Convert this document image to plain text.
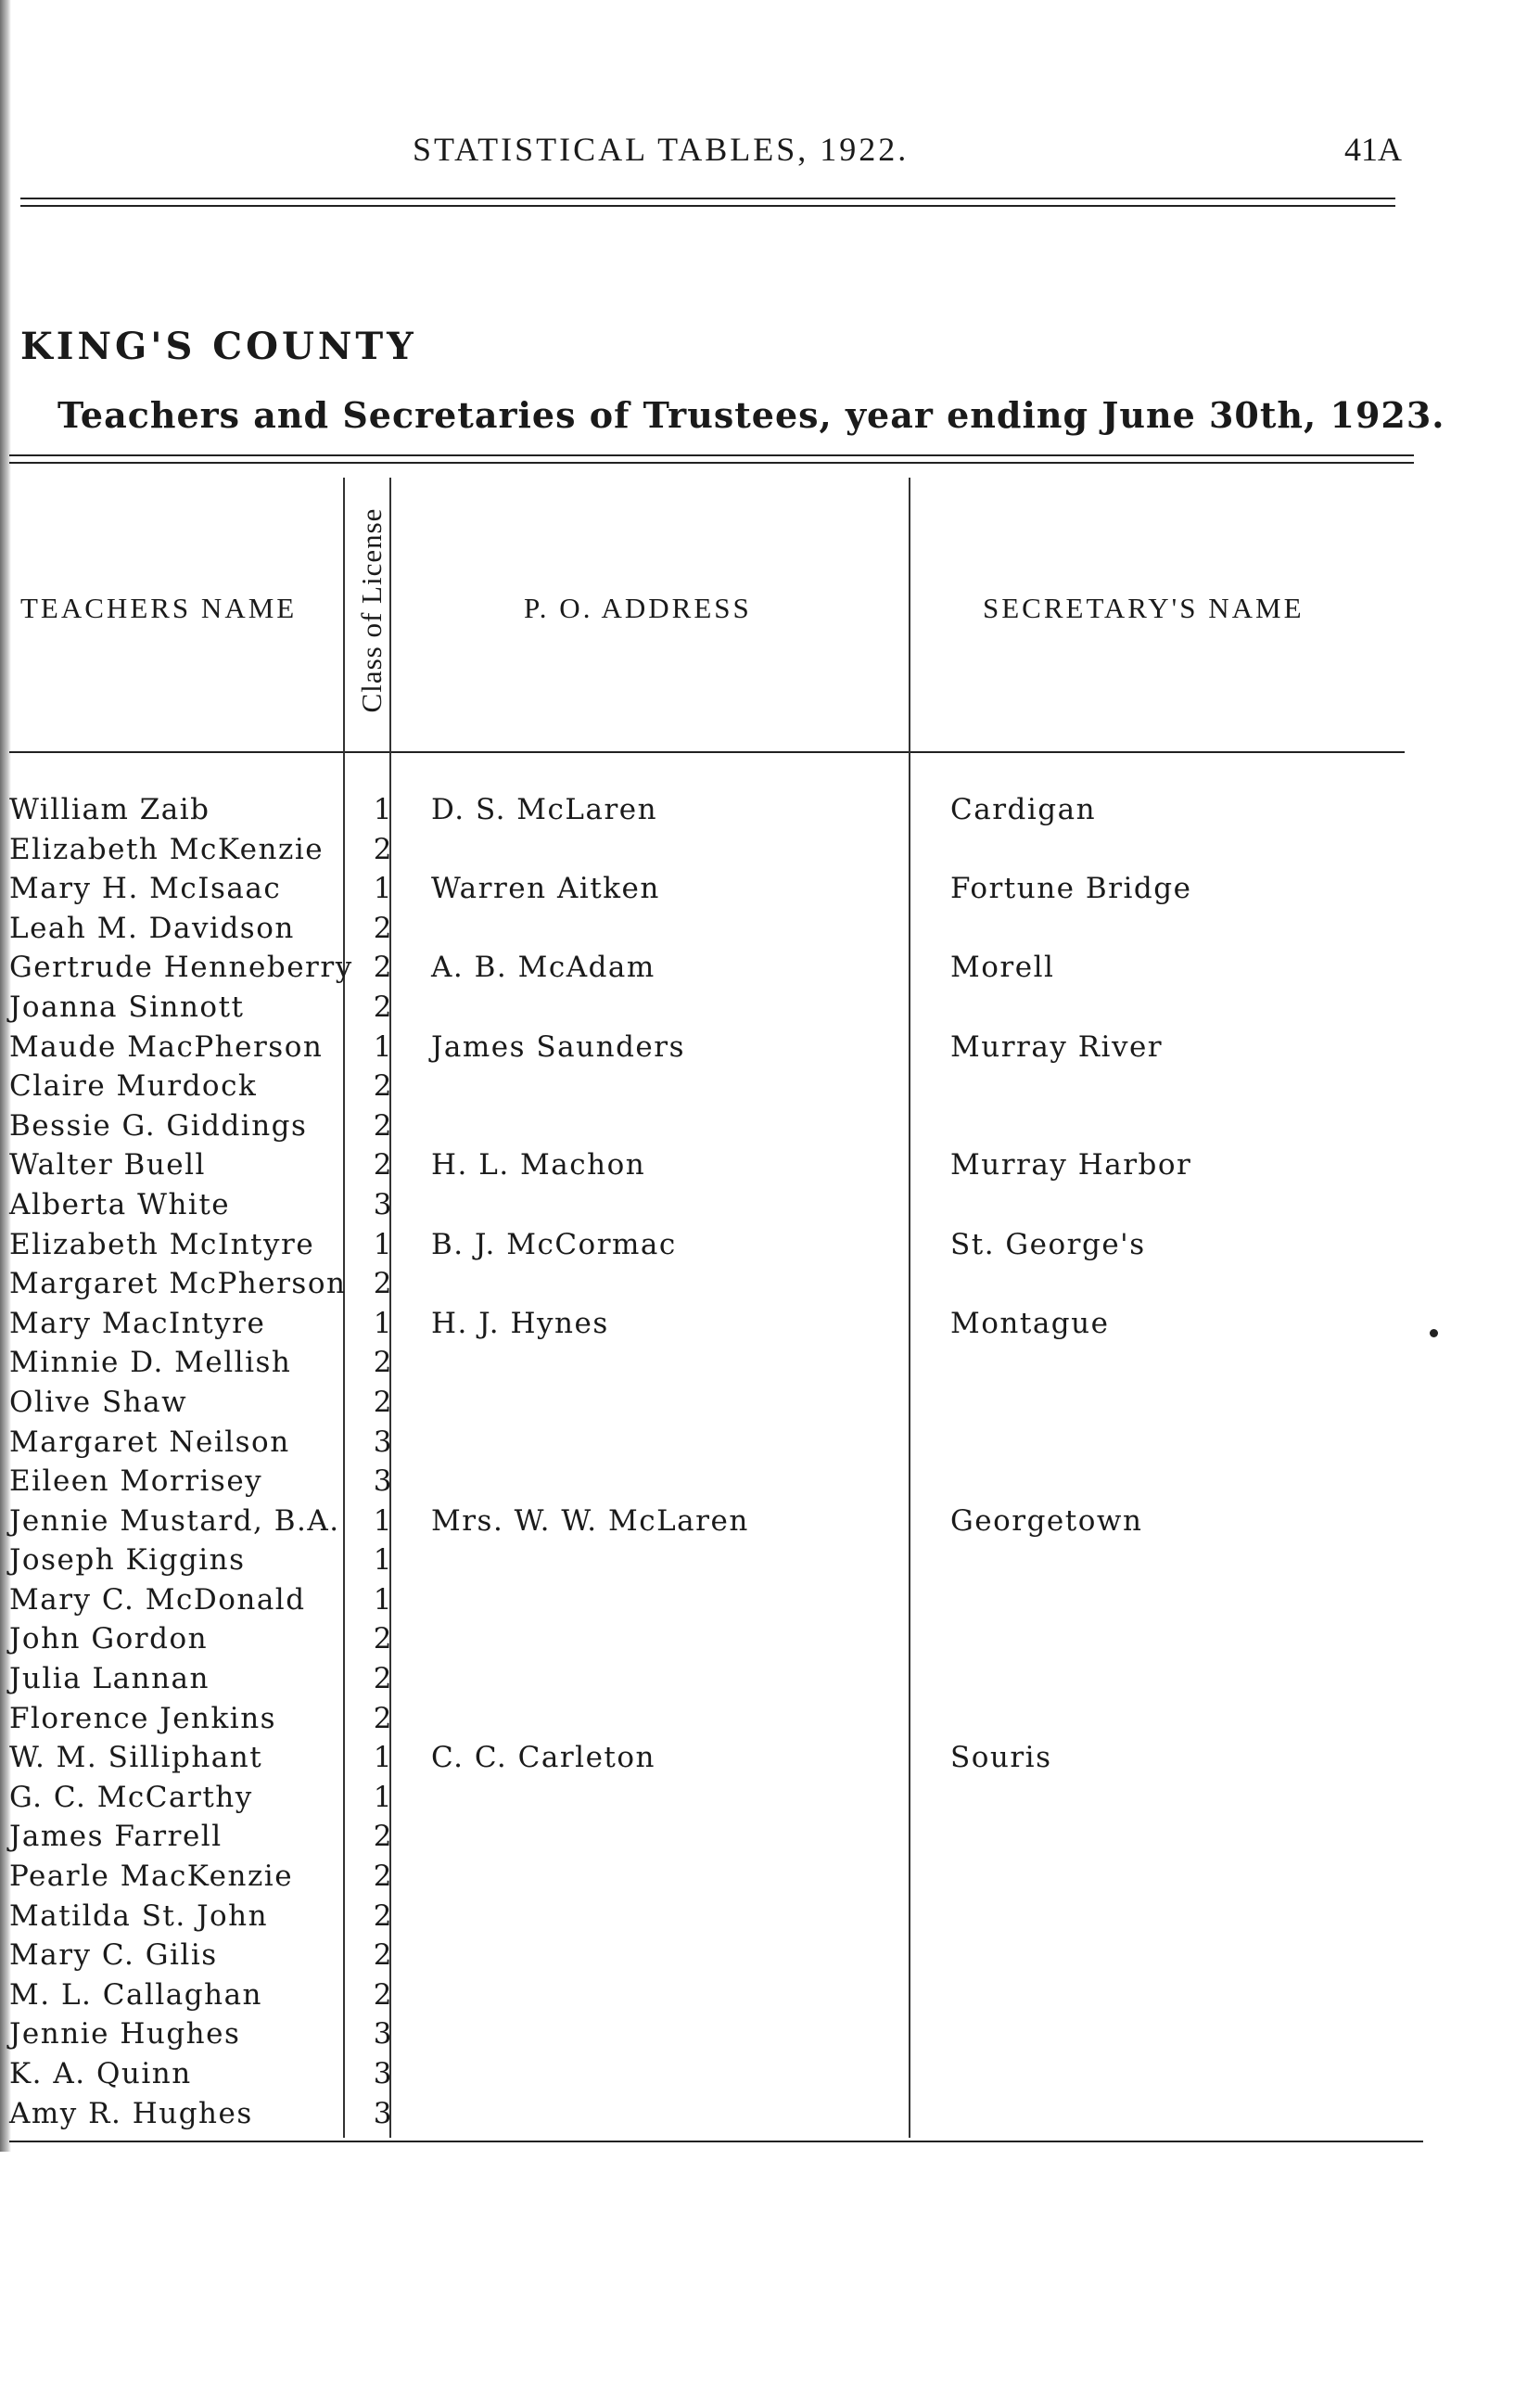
STATISTICAL TABLES, 1922.	41A
KING'S COUNTY
Teachers and Secretaries of Trustees, year ending June 30th, 1923.
TEACHERS NAME Class of License	P. O. ADDRESS	SECRETARY'S NAME
William Zaib	1 D. S. McLaren	Cardigan
Elizabeth McKenzie	2
Mary H. McIsaac	1 Warren Aitken	Fortune Bridge
Leah M. Davidson	2
Gertrude Henneberry 2 A. B. McAdam	Morell
Joanna Sinnott	2
Maude MacPherson	1 James Saunders	Murray River
Claire Murdock	2
Bessie G. Giddings	2
Walter Buell	2 H. L. Machon	Murray Harbor
Alberta White	3
Elizabeth McIntyre	1 B. J. McCormac	St. George's
Margaret McPherson 2
Mary MacIntyre	1 H. J. Hynes	Montague
Minnie D. Mellish	2
Olive Shaw	2
Margaret Neilson	3
Eileen Morrisey	3
Jennie Mustard, B.A.	1 Mrs. W. W. McLaren	Georgetown
Joseph Kiggins	1
Mary C. McDonald	1
John Gordon	2
Julia Lannan	2
Florence Jenkins	2
W. M. Silliphant	1 C. C. Carleton	Souris
G. C. McCarthy	1
James Farrell	2
Pearle MacKenzie	2
Matilda St. John	2
Mary C. Gilis	2
M. L. Callaghan	2
Jennie Hughes	3
K. A. Quinn	3
Amy R. Hughes	3
